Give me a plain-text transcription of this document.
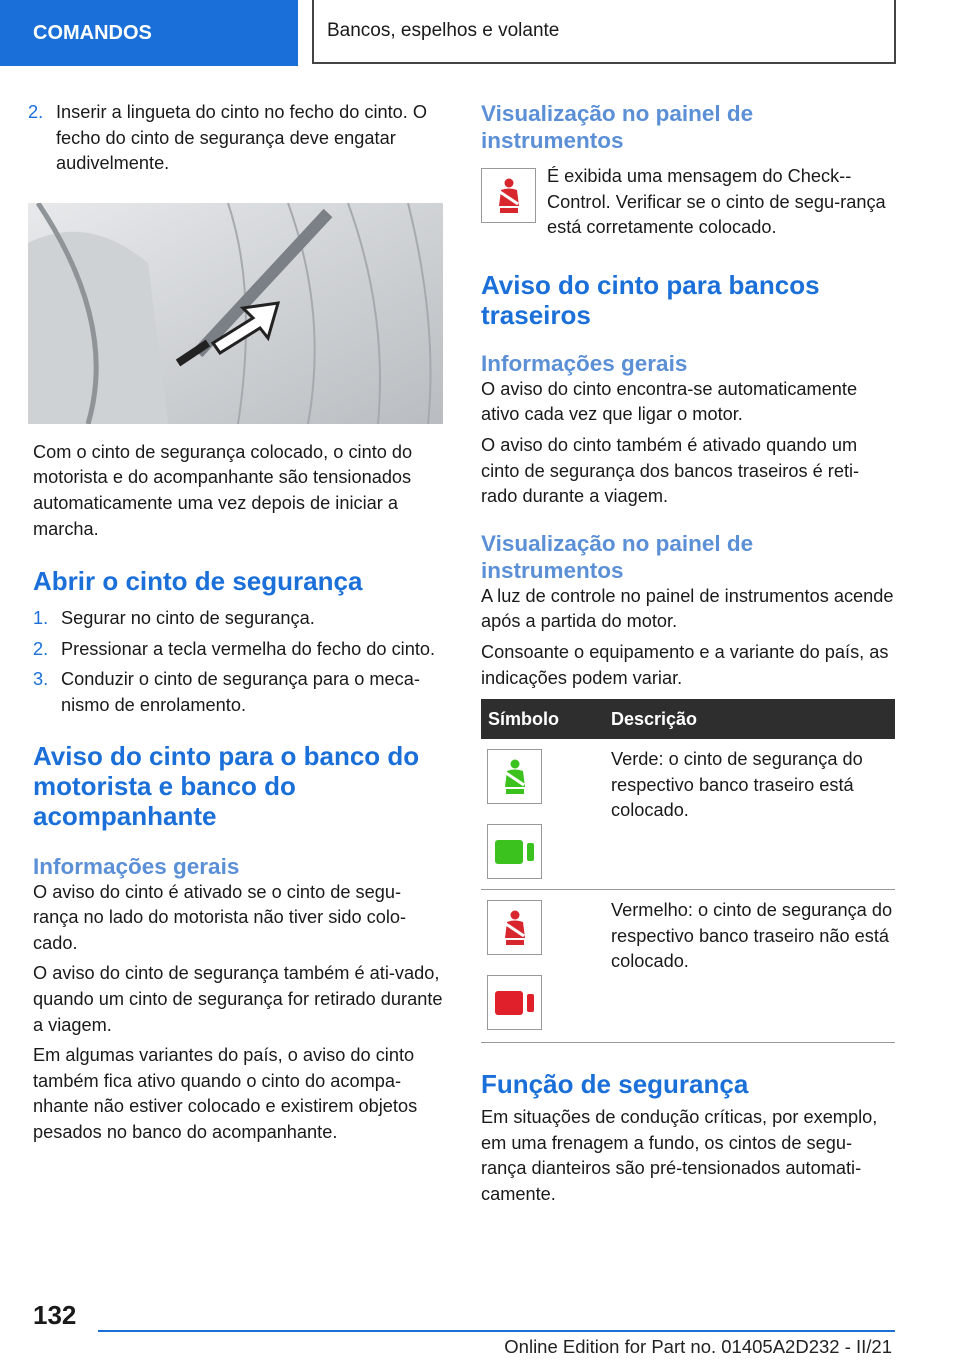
COMANDOS	Bancos, espelhos e volante
2. Inserir a lingueta do cinto no fecho do cinto. O fecho do cinto de segurança deve engatar audivelmente.

Com o cinto de segurança colocado, o cinto do motorista e do acompanhante são tensionados automaticamente uma vez depois de iniciar a marcha.

Abrir o cinto de segurança
1. Segurar no cinto de segurança.
2. Pressionar a tecla vermelha do fecho do cinto.
3. Conduzir o cinto de segurança para o meca-nismo de enrolamento.
Aviso do cinto para o banco do motorista e banco do acompanhante
Informações gerais

O aviso do cinto é ativado se o cinto de segu-rança no lado do motorista não tiver sido colo-cado.

O aviso do cinto de segurança também é ati-vado, quando um cinto de segurança for retirado durante a viagem.

Em algumas variantes do país, o aviso do cinto também fica ativo quando o cinto do acompa-nhante não estiver colocado e existirem objetos pesados no banco do acompanhante.

Visualização no painel de instrumentos

É exibida uma mensagem do Check--Control. Verificar se o cinto de segu-rança está corretamente colocado.

Aviso do cinto para bancos traseiros
Informações gerais

O aviso do cinto encontra-se automaticamente ativo cada vez que ligar o motor.

O aviso do cinto também é ativado quando um cinto de segurança dos bancos traseiros é reti-rado durante a viagem.

Visualização no painel de instrumentos

A luz de controle no painel de instrumentos acende após a partida do motor.

Consoante o equipamento e a variante do país, as indicações podem variar.

Símbolo	Descrição

	Verde: o cinto de segurança do respectivo banco traseiro está colocado.

	Vermelho: o cinto de segurança do respectivo banco traseiro não está colocado.
Função de segurança

Em situações de condução críticas, por exemplo, em uma frenagem a fundo, os cintos de segu-rança dianteiros são pré-tensionados automati-camente.

132
Online Edition for Part no. 01405A2D232 - II/21
